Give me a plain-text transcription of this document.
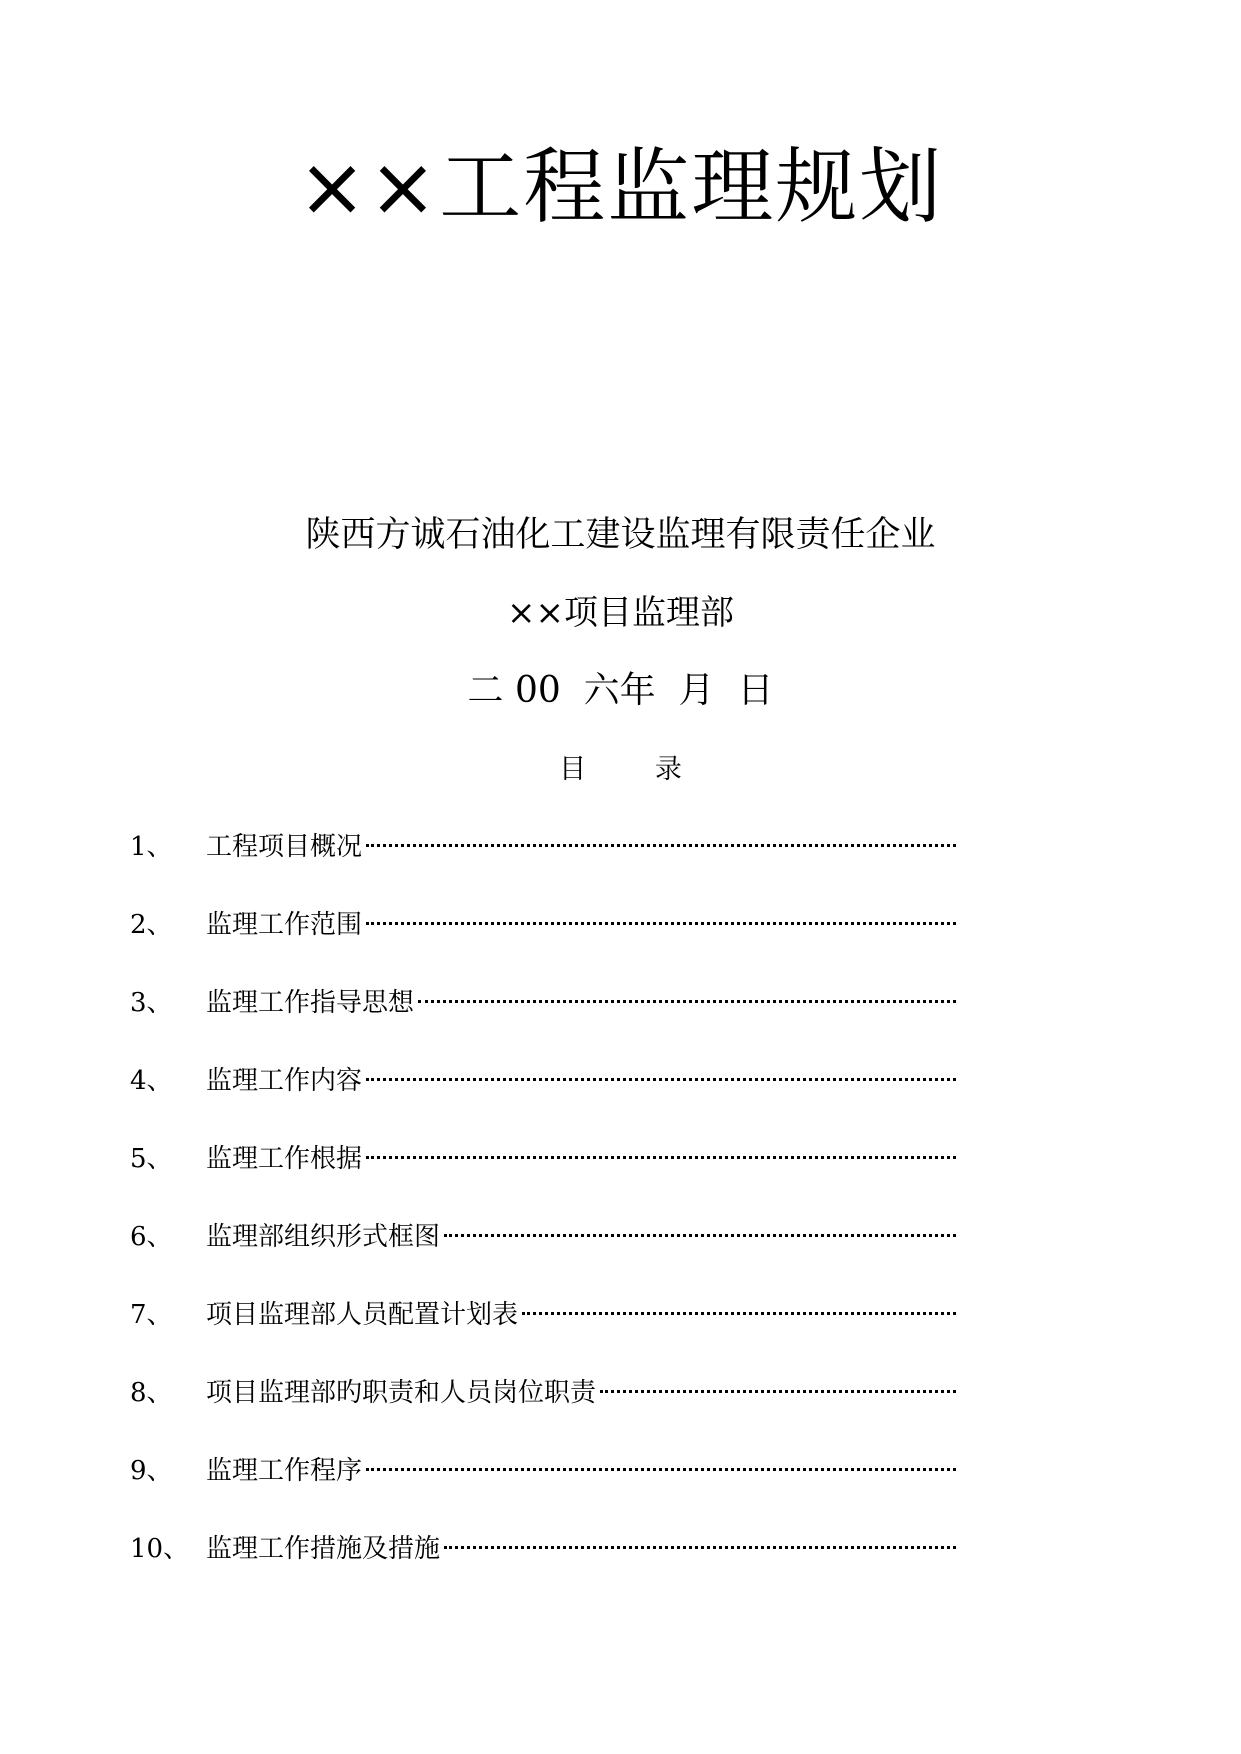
××工程监理规划
陕西方诚石油化工建设监理有限责任企业
××项目监理部
二 00  六年  月  日
目        录
1、 工程项目概况
2、 监理工作范围
3、 监理工作指导思想
4、 监理工作内容
5、 监理工作根据
6、 监理部组织形式框图
7、 项目监理部人员配置计划表
8、 项目监理部旳职责和人员岗位职责
9、 监理工作程序
10、 监理工作措施及措施
